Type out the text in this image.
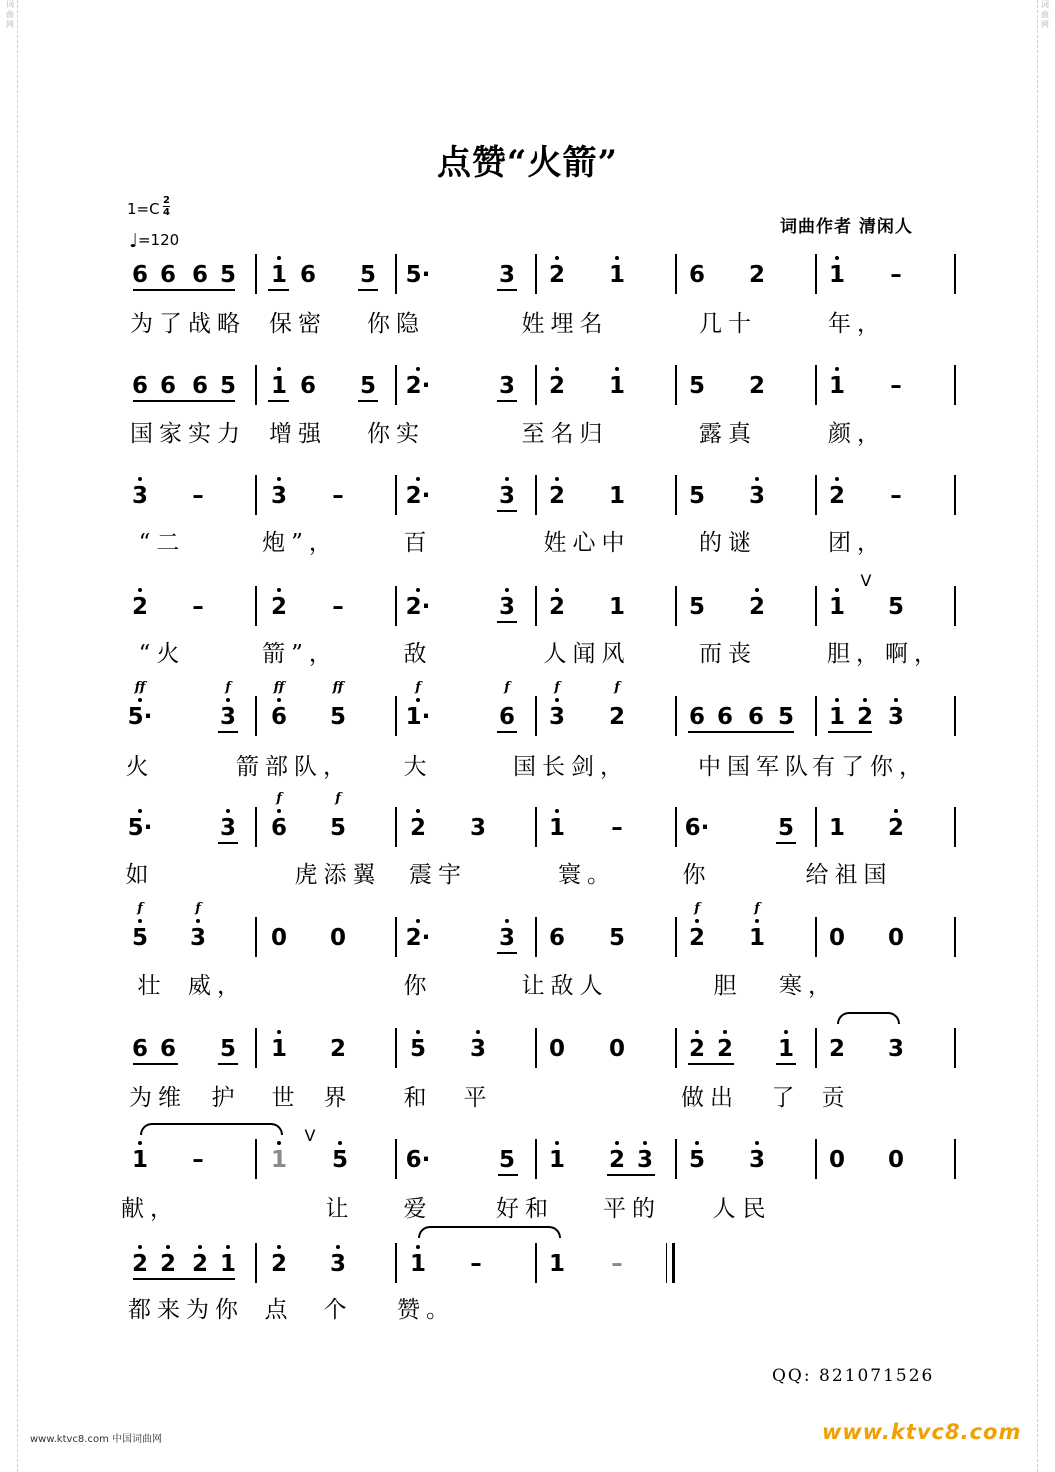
词
曲
网
词
曲
网
点赞“火箭”
1=C 2
4
♩=120
词曲作者 清闲人
6 6 6 5 1 6 5 5·	3 2 1	6 2	1 –
为了战略 保密 你隐	姓埋名	几十	年，
6 6 6 5 1 6 5 2·	3 2 1	5 2	1 –
国家实力 增强 你实	至名归	露真	颜，
3 –	3 –	2·	3 2 1	5 3	2 –
“二	炮”，	百	姓心中	的谜	团，
2 –	2 –	2·	3 2 1	5 2	1 5
“火	箭”，	敌	人闻风	而丧	胆，啊，
5·	3 6 5	1·	6 3 2	6 6 6 5 1 2 3
ff	f	ff	ff	f	f	f	f
火	箭部队， 大	国长剑，	中国军队
有了你，
5·	3 6 5	2 3	1 –	6·	5 1 2
f	f
如	虎添翼 震宇	寰。	你	给祖国
5 3	0 0	2·	3 6 5	2 1	0 0
f	f	f	f
壮 威，	你	让敌人	胆 寒，
6 6 5 1 2	5 3	0 0	2 2 1 2 3
为维 护 世 界 和 平	做出 了 贡
1 –	1 5	6·	5 1 2 3 5 3	0 0
献，	让 爱	好和 平的 人 民
2 2 2 1 2 3	1 –	1 –
都来为你 点 个 赞。
V
V
QQ: 821071526
www.ktvc8.com 中国词曲网	www.ktvc8.com
